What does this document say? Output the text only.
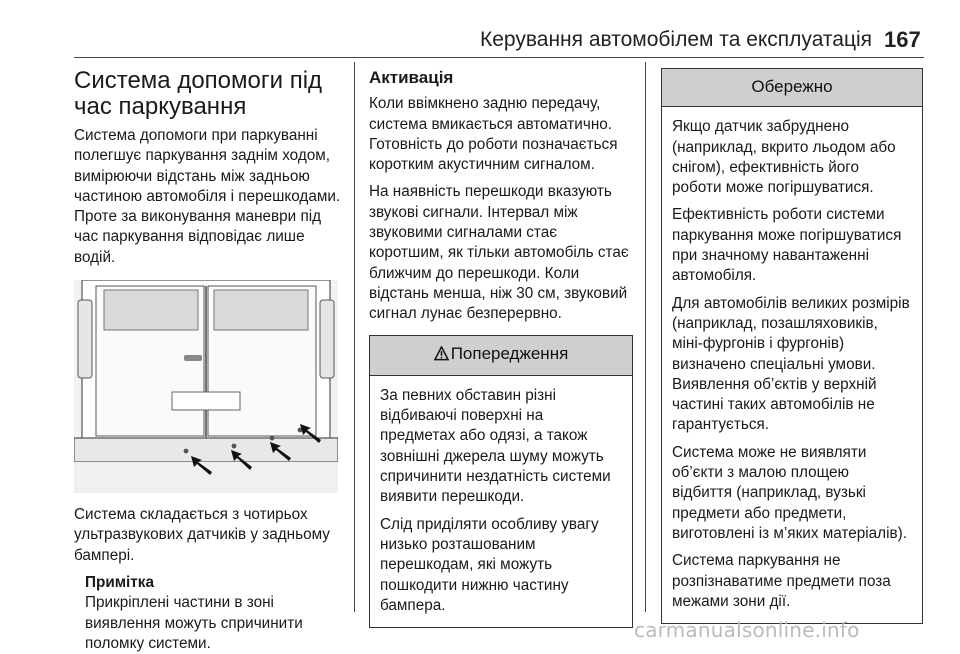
Керування автомобілем та експлуатація 167
Система допомоги під час паркування

Система допомоги при паркуванні полегшує паркування заднім ходом, вимірюючи відстань між задньою частиною автомобіля і перешкодами. Проте за виконування маневри під час паркування відповідає лише водій.

Система складається з чотирьох ультразвукових датчиків у задньому бампері.

Примітка
Прикріплені частини в зоні виявлення можуть спричинити поломку системи.
Активація

Коли ввімкнено задню передачу, система вмикається автоматично. Готовність до роботи позначається коротким акустичним сигналом.

На наявність перешкоди вказують звукові сигнали. Інтервал між звуковими сигналами стає коротшим, як тільки автомобіль стає ближчим до перешкоди. Коли відстань менша, ніж 30 см, звуковий сигнал лунає безперервно.

Попередження

За певних обставин різні відбиваючі поверхні на предметах або одязі, а також зовнішні джерела шуму можуть спричинити нездатність системи виявити перешкоди.

Слід приділяти особливу увагу низько розташованим перешкодам, які можуть пошкодити нижню частину бампера.

Обережно

Якщо датчик забруднено (наприклад, вкрито льодом або снігом), ефективність його роботи може погіршуватися.

Ефективність роботи системи паркування може погіршуватися при значному навантаженні автомобіля.

Для автомобілів великих розмірів (наприклад, позашляховиків, міні-фургонів і фургонів) визначено спеціальні умови. Виявлення об’єктів у верхній частині таких автомобілів не гарантується.

Система може не виявляти об’єкти з малою площею відбиття (наприклад, вузькі предмети або предмети, виготовлені із м’яких матеріалів).

Система паркування не розпізнаватиме предмети поза межами зони дії.

carmanualsonline.info
